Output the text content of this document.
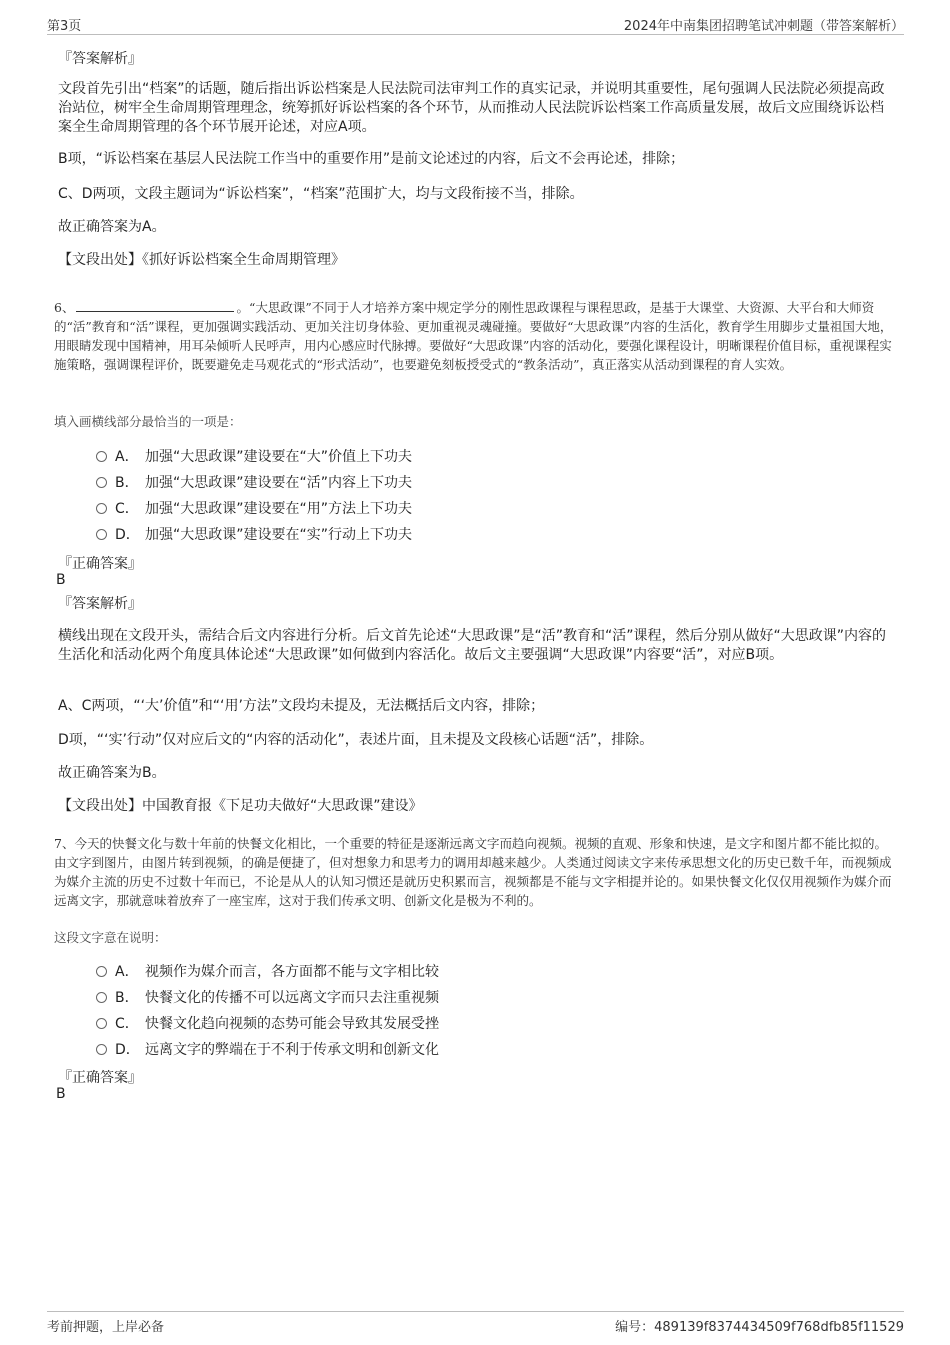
第3页	2024年中南集团招聘笔试冲刺题（带答案解析）
『答案解析』
文段首先引出“档案”的话题，随后指出诉讼档案是人民法院司法审判工作的真实记录，并说明其重要性，尾句强调人民法院必须提高政治站位，树牢全生命周期管理理念，统筹抓好诉讼档案的各个环节，从而推动人民法院诉讼档案工作高质量发展，故后文应围绕诉讼档案全生命周期管理的各个环节展开论述，对应A项。
B项，“诉讼档案在基层人民法院工作当中的重要作用”是前文论述过的内容，后文不会再论述，排除；
C、D两项，文段主题词为“诉讼档案”，“档案”范围扩大，均与文段衔接不当，排除。
故正确答案为A。
【文段出处】《抓好诉讼档案全生命周期管理》
6、	。“大思政课”不同于人才培养方案中规定学分的刚性思政课程与课程思政，是基于大课堂、大资源、大平台和大师资的“活”教育和“活”课程，更加强调实践活动、更加关注切身体验、更加重视灵魂碰撞。要做好“大思政课”内容的生活化，教育学生用脚步丈量祖国大地，用眼睛发现中国精神，用耳朵倾听人民呼声，用内心感应时代脉搏。要做好“大思政课”内容的活动化，要强化课程设计，明晰课程价值目标，重视课程实施策略，强调课程评价，既要避免走马观花式的“形式活动”，也要避免刻板授受式的“教条活动”，真正落实从活动到课程的育人实效。
填入画横线部分最恰当的一项是：
A． 加强“大思政课”建设要在“大”价值上下功夫
B． 加强“大思政课”建设要在“活”内容上下功夫
C． 加强“大思政课”建设要在“用”方法上下功夫
D． 加强“大思政课”建设要在“实”行动上下功夫
『正确答案』
B
『答案解析』
横线出现在文段开头，需结合后文内容进行分析。后文首先论述“大思政课”是“活”教育和“活”课程，然后分别从做好“大思政课”内容的生活化和活动化两个角度具体论述“大思政课”如何做到内容活化。故后文主要强调“大思政课”内容要“活”，对应B项。
A、C两项，“‘大’价值”和“‘用’方法”文段均未提及，无法概括后文内容，排除；
D项，“‘实’行动”仅对应后文的“内容的活动化”，表述片面，且未提及文段核心话题“活”，排除。
故正确答案为B。
【文段出处】中国教育报《下足功夫做好“大思政课”建设》
7、今天的快餐文化与数十年前的快餐文化相比，一个重要的特征是逐渐远离文字而趋向视频。视频的直观、形象和快速，是文字和图片都不能比拟的。由文字到图片，由图片转到视频，的确是便捷了，但对想象力和思考力的调用却越来越少。人类通过阅读文字来传承思想文化的历史已数千年，而视频成为媒介主流的历史不过数十年而已，不论是从人的认知习惯还是就历史积累而言，视频都是不能与文字相提并论的。如果快餐文化仅仅用视频作为媒介而远离文字，那就意味着放弃了一座宝库，这对于我们传承文明、创新文化是极为不利的。
这段文字意在说明：
A． 视频作为媒介而言，各方面都不能与文字相比较
B． 快餐文化的传播不可以远离文字而只去注重视频
C． 快餐文化趋向视频的态势可能会导致其发展受挫
D． 远离文字的弊端在于不利于传承文明和创新文化
『正确答案』
B
考前押题，上岸必备	编号：489139f8374434509f768dfb85f11529
